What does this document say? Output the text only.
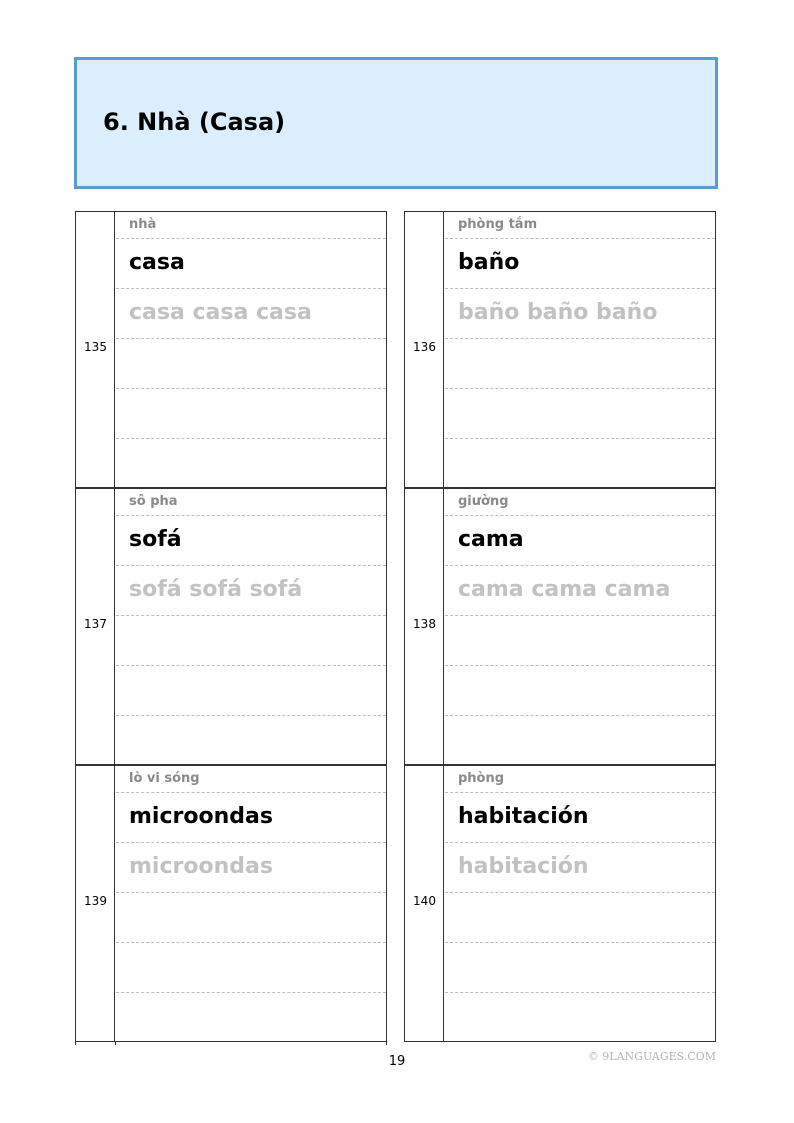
6. Nhà (Casa)
135
nhà
casa
casa casa casa
136
phòng tắm
baño
baño baño baño
137
sô pha
sofá
sofá sofá sofá
138
giường
cama
cama cama cama
139
lò vi sóng
microondas
microondas
140
phòng
habitación
habitación
19	© 9LANGUAGES.COM
